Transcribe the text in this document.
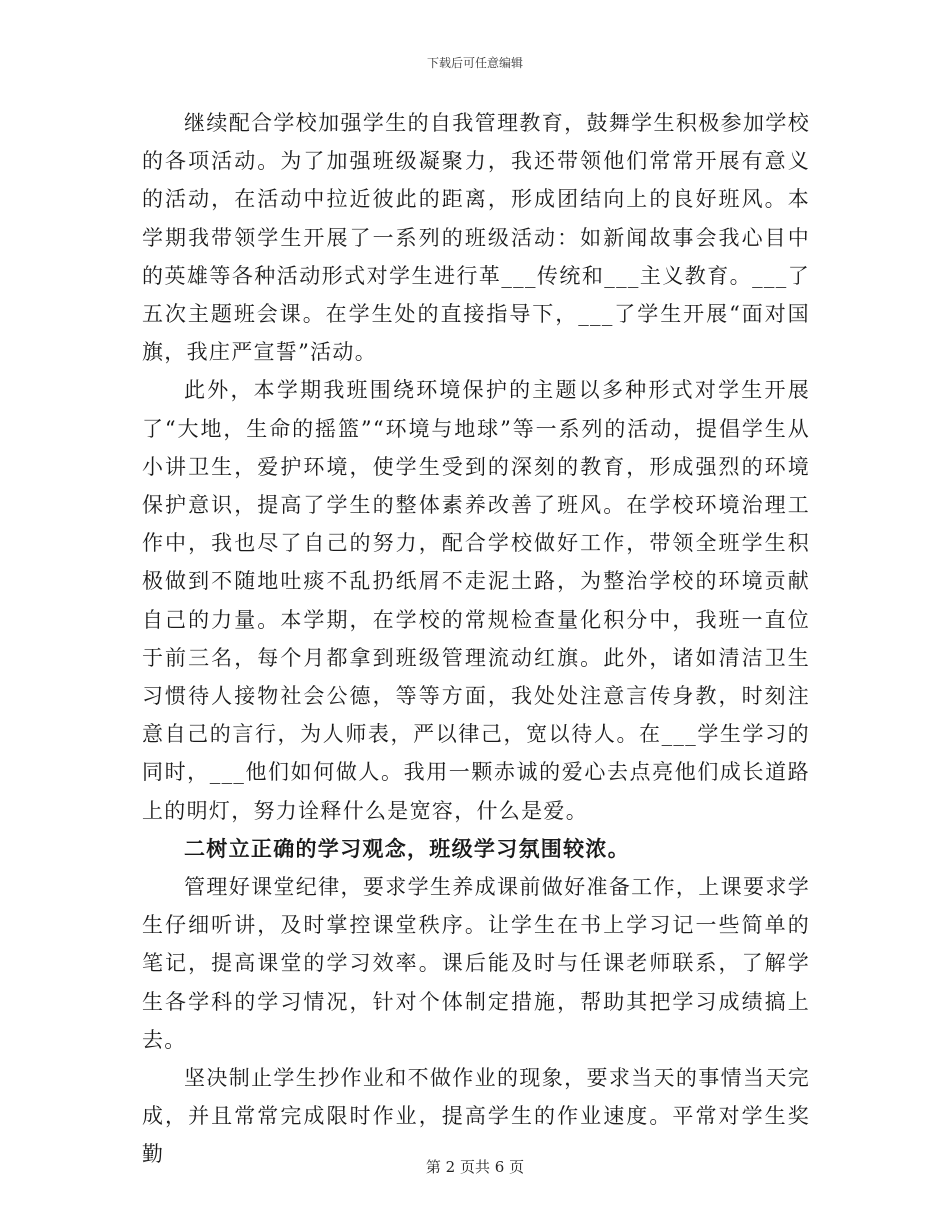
下载后可任意编辑

继续配合学校加强学生的自我管理教育，鼓舞学生积极参加学校的各项活动。为了加强班级凝聚力，我还带领他们常常开展有意义的活动，在活动中拉近彼此的距离，形成团结向上的良好班风。本学期我带领学生开展了一系列的班级活动：如新闻故事会我心目中的英雄等各种活动形式对学生进行革___传统和___主义教育。___了五次主题班会课。在学生处的直接指导下，___了学生开展“面对国旗，我庄严宣誓”活动。

此外，本学期我班围绕环境保护的主题以多种形式对学生开展了“大地，生命的摇篮”“环境与地球”等一系列的活动，提倡学生从小讲卫生，爱护环境，使学生受到的深刻的教育，形成强烈的环境保护意识，提高了学生的整体素养改善了班风。在学校环境治理工作中，我也尽了自己的努力，配合学校做好工作，带领全班学生积极做到不随地吐痰不乱扔纸屑不走泥土路，为整治学校的环境贡献自己的力量。本学期，在学校的常规检查量化积分中，我班一直位于前三名，每个月都拿到班级管理流动红旗。此外，诸如清洁卫生习惯待人接物社会公德，等等方面，我处处注意言传身教，时刻注意自己的言行，为人师表，严以律己，宽以待人。在___学生学习的同时，___他们如何做人。我用一颗赤诚的爱心去点亮他们成长道路上的明灯，努力诠释什么是宽容，什么是爱。

二树立正确的学习观念，班级学习氛围较浓。

管理好课堂纪律，要求学生养成课前做好准备工作，上课要求学生仔细听讲，及时掌控课堂秩序。让学生在书上学习记一些简单的笔记，提高课堂的学习效率。课后能及时与任课老师联系，了解学生各学科的学习情况，针对个体制定措施，帮助其把学习成绩搞上去。

坚决制止学生抄作业和不做作业的现象，要求当天的事情当天完成，并且常常完成限时作业，提高学生的作业速度。平常对学生奖勤

第 2 页共 6 页
